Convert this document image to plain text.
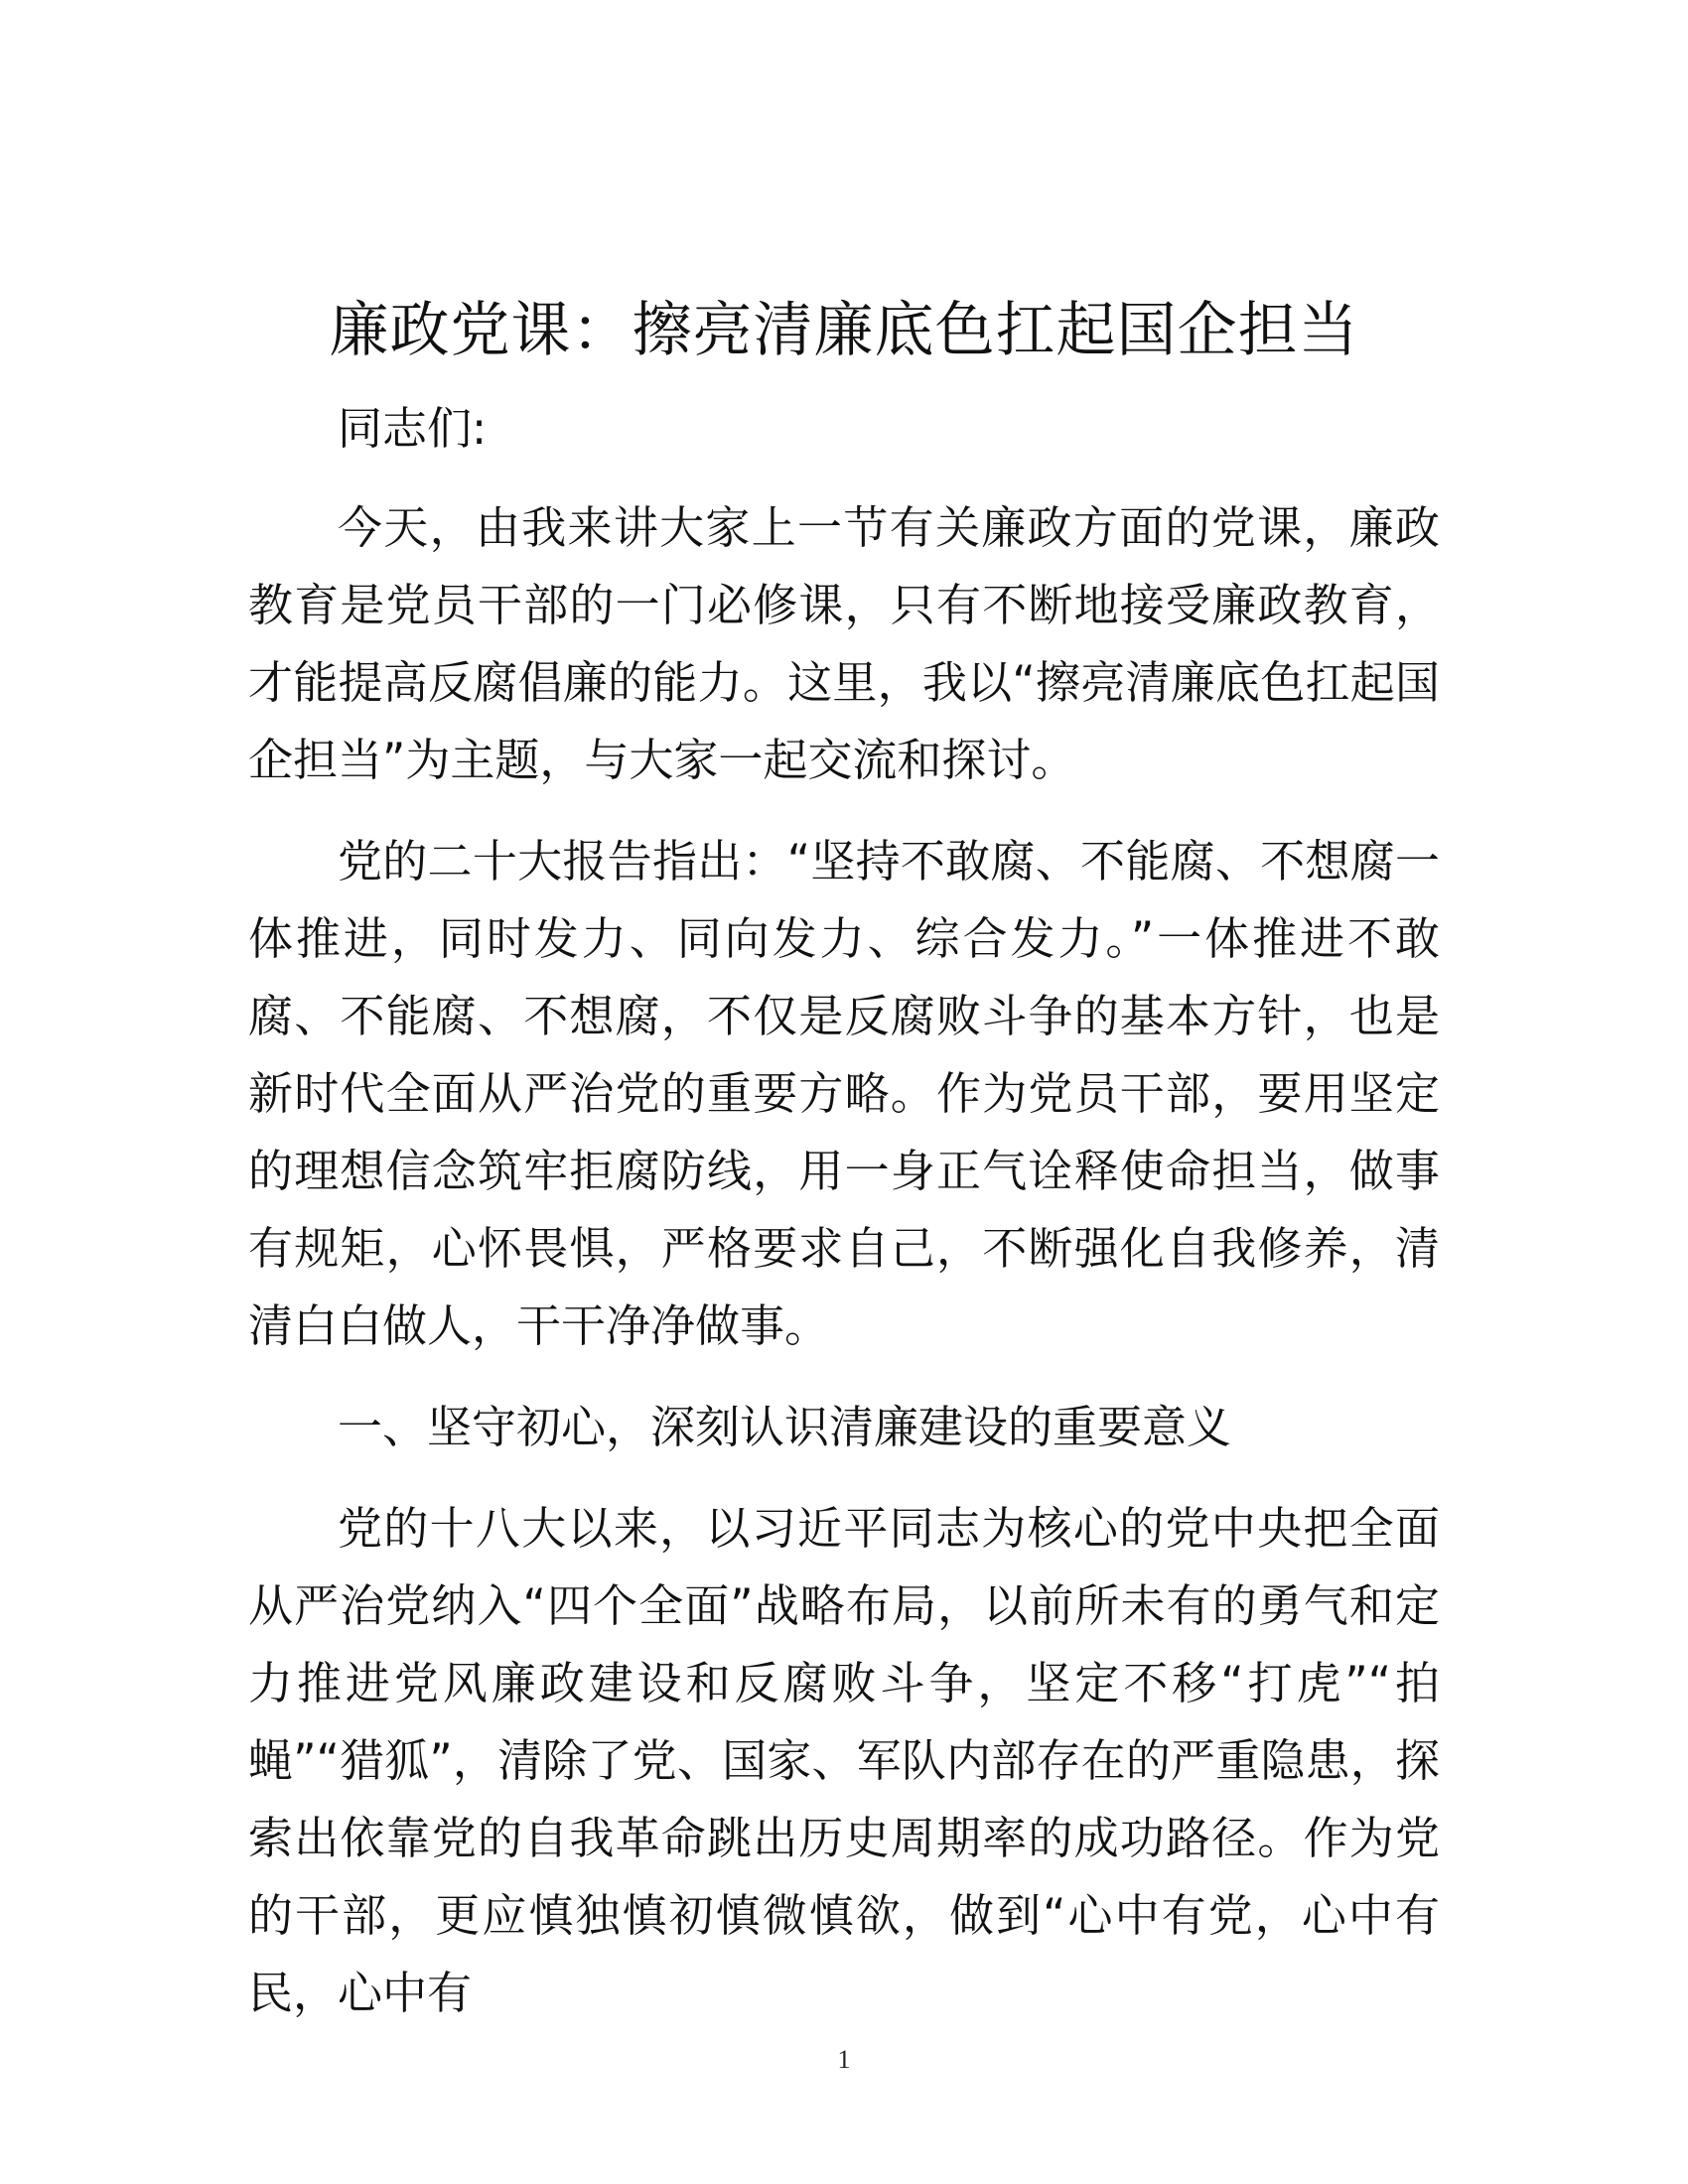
廉政党课：擦亮清廉底色扛起国企担当

同志们:

今天，由我来讲大家上一节有关廉政方面的党课，廉政教育是党员干部的一门必修课，只有不断地接受廉政教育，才能提高反腐倡廉的能力。这里，我以“擦亮清廉底色扛起国企担当”为主题，与大家一起交流和探讨。

党的二十大报告指出：“坚持不敢腐、不能腐、不想腐一体推进，同时发力、同向发力、综合发力。”一体推进不敢腐、不能腐、不想腐，不仅是反腐败斗争的基本方针，也是新时代全面从严治党的重要方略。作为党员干部，要用坚定的理想信念筑牢拒腐防线，用一身正气诠释使命担当，做事有规矩，心怀畏惧，严格要求自己，不断强化自我修养，清清白白做人，干干净净做事。

一、坚守初心，深刻认识清廉建设的重要意义

党的十八大以来，以习近平同志为核心的党中央把全面从严治党纳入“四个全面”战略布局，以前所未有的勇气和定力推进党风廉政建设和反腐败斗争，坚定不移“打虎”“拍蝇”“猎狐”，清除了党、国家、军队内部存在的严重隐患，探索出依靠党的自我革命跳出历史周期率的成功路径。作为党的干部，更应慎独慎初慎微慎欲，做到“心中有党，心中有民，心中有

1
